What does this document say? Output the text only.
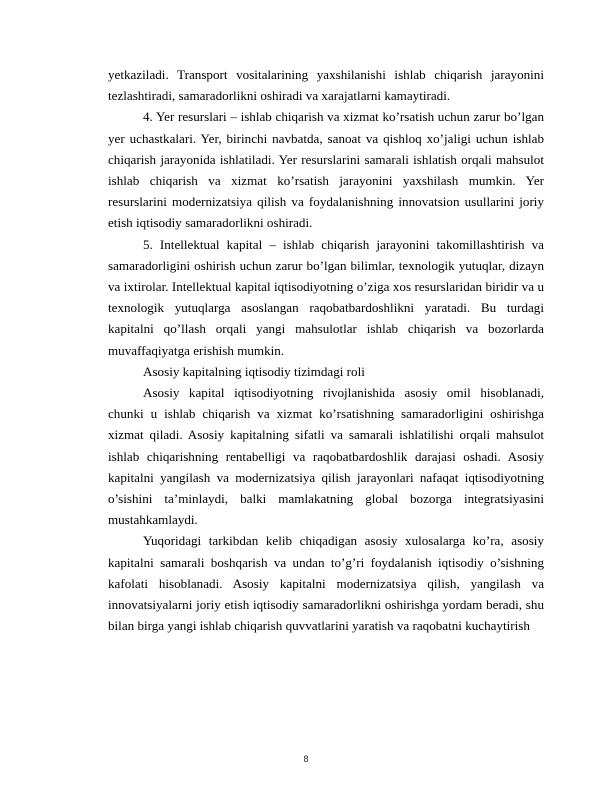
yetkaziladi. Transport vositalarining yaxshilanishi ishlab chiqarish jarayonini tezlashtiradi, samaradorlikni oshiradi va xarajatlarni kamaytiradi.

4. Yer resurslari – ishlab chiqarish va xizmat ko’rsatish uchun zarur bo’lgan yer uchastkalari. Yer, birinchi navbatda, sanoat va qishloq xo’jaligi uchun ishlab chiqarish jarayonida ishlatiladi. Yer resurslarini samarali ishlatish orqali mahsulot ishlab chiqarish va xizmat ko’rsatish jarayonini yaxshilash mumkin. Yer resurslarini modernizatsiya qilish va foydalanishning innovatsion usullarini joriy etish iqtisodiy samaradorlikni oshiradi.

5. Intellektual kapital – ishlab chiqarish jarayonini takomillashtirish va samaradorligini oshirish uchun zarur bo’lgan bilimlar, texnologik yutuqlar, dizayn va ixtirolar. Intellektual kapital iqtisodiyotning o’ziga xos resurslaridan biridir va u texnologik yutuqlarga asoslangan raqobatbardoshlikni yaratadi. Bu turdagi kapitalni qo’llash orqali yangi mahsulotlar ishlab chiqarish va bozorlarda muvaffaqiyatga erishish mumkin.

Asosiy kapitalning iqtisodiy tizimdagi roli

Asosiy kapital iqtisodiyotning rivojlanishida asosiy omil hisoblanadi, chunki u ishlab chiqarish va xizmat ko’rsatishning samaradorligini oshirishga xizmat qiladi. Asosiy kapitalning sifatli va samarali ishlatilishi orqali mahsulot ishlab chiqarishning rentabelligi va raqobatbardoshlik darajasi oshadi. Asosiy kapitalni yangilash va modernizatsiya qilish jarayonlari nafaqat iqtisodiyotning o’sishini ta’minlaydi, balki mamlakatning global bozorga integratsiyasini mustahkamlaydi.

Yuqoridagi tarkibdan kelib chiqadigan asosiy xulosalarga ko’ra, asosiy kapitalni samarali boshqarish va undan to’g’ri foydalanish iqtisodiy o’sishning kafolati hisoblanadi. Asosiy kapitalni modernizatsiya qilish, yangilash va innovatsiyalarni joriy etish iqtisodiy samaradorlikni oshirishga yordam beradi, shu bilan birga yangi ishlab chiqarish quvvatlarini yaratish va raqobatni kuchaytirish

8
